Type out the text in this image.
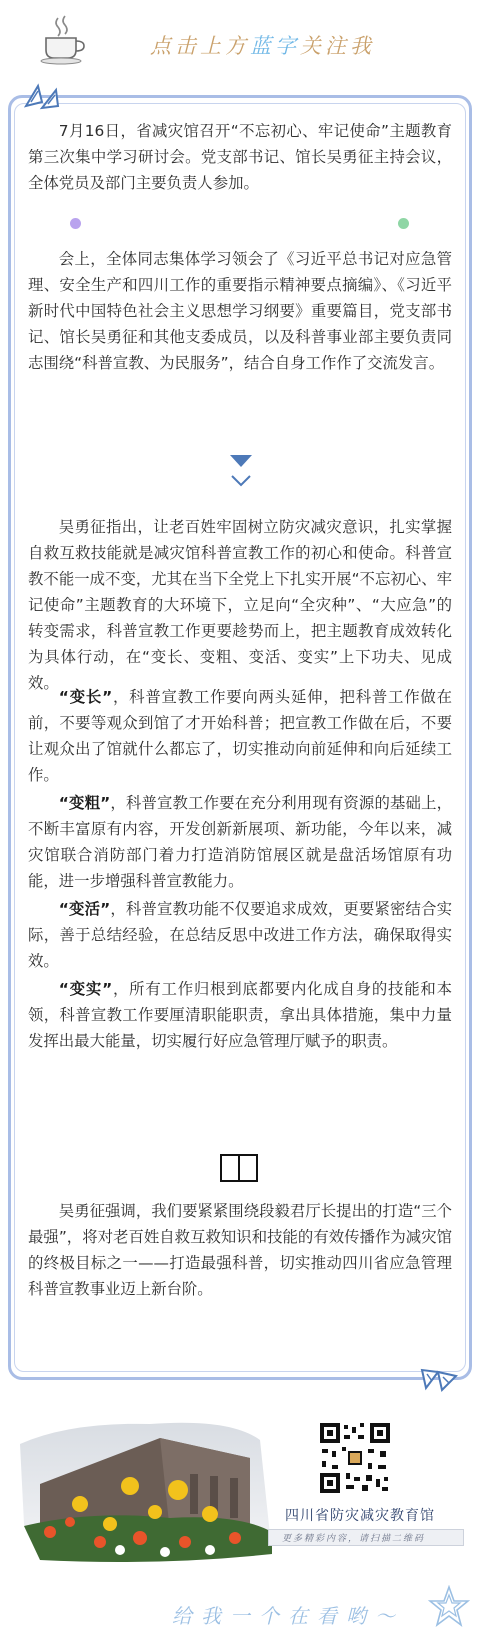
点击上方蓝字关注我

7月16日，省减灾馆召开“不忘初心、牢记使命”主题教育第三次集中学习研讨会。党支部书记、馆长吴勇征主持会议，全体党员及部门主要负责人参加。

会上，全体同志集体学习领会了《习近平总书记对应急管理、安全生产和四川工作的重要指示精神要点摘编》、《习近平新时代中国特色社会主义思想学习纲要》重要篇目，党支部书记、馆长吴勇征和其他支委成员，以及科普事业部主要负责同志围绕“科普宣教、为民服务”，结合自身工作作了交流发言。

吴勇征指出，让老百姓牢固树立防灾减灾意识，扎实掌握自救互救技能就是减灾馆科普宣教工作的初心和使命。科普宣教不能一成不变，尤其在当下全党上下扎实开展“不忘初心、牢记使命”主题教育的大环境下，立足向“全灾种”、“大应急”的转变需求，科普宣教工作更要趁势而上，把主题教育成效转化为具体行动，在“变长、变粗、变活、变实”上下功夫、见成效。

“变长”，科普宣教工作要向两头延伸，把科普工作做在前，不要等观众到馆了才开始科普；把宣教工作做在后，不要让观众出了馆就什么都忘了，切实推动向前延伸和向后延续工作。

“变粗”，科普宣教工作要在充分利用现有资源的基础上，不断丰富原有内容，开发创新新展项、新功能，今年以来，减灾馆联合消防部门着力打造消防馆展区就是盘活场馆原有功能，进一步增强科普宣教能力。

“变活”，科普宣教功能不仅要追求成效，更要紧密结合实际，善于总结经验，在总结反思中改进工作方法，确保取得实效。

“变实”，所有工作归根到底都要内化成自身的技能和本领，科普宣教工作要厘清职能职责，拿出具体措施，集中力量发挥出最大能量，切实履行好应急管理厅赋予的职责。

吴勇征强调，我们要紧紧围绕段毅君厅长提出的打造“三个最强”，将对老百姓自救互救知识和技能的有效传播作为减灾馆的终极目标之一——打造最强科普，切实推动四川省应急管理科普宣教事业迈上新台阶。

四川省防灾减灾教育馆
更多精彩内容，请扫描二维码
给我一个在看哟～
